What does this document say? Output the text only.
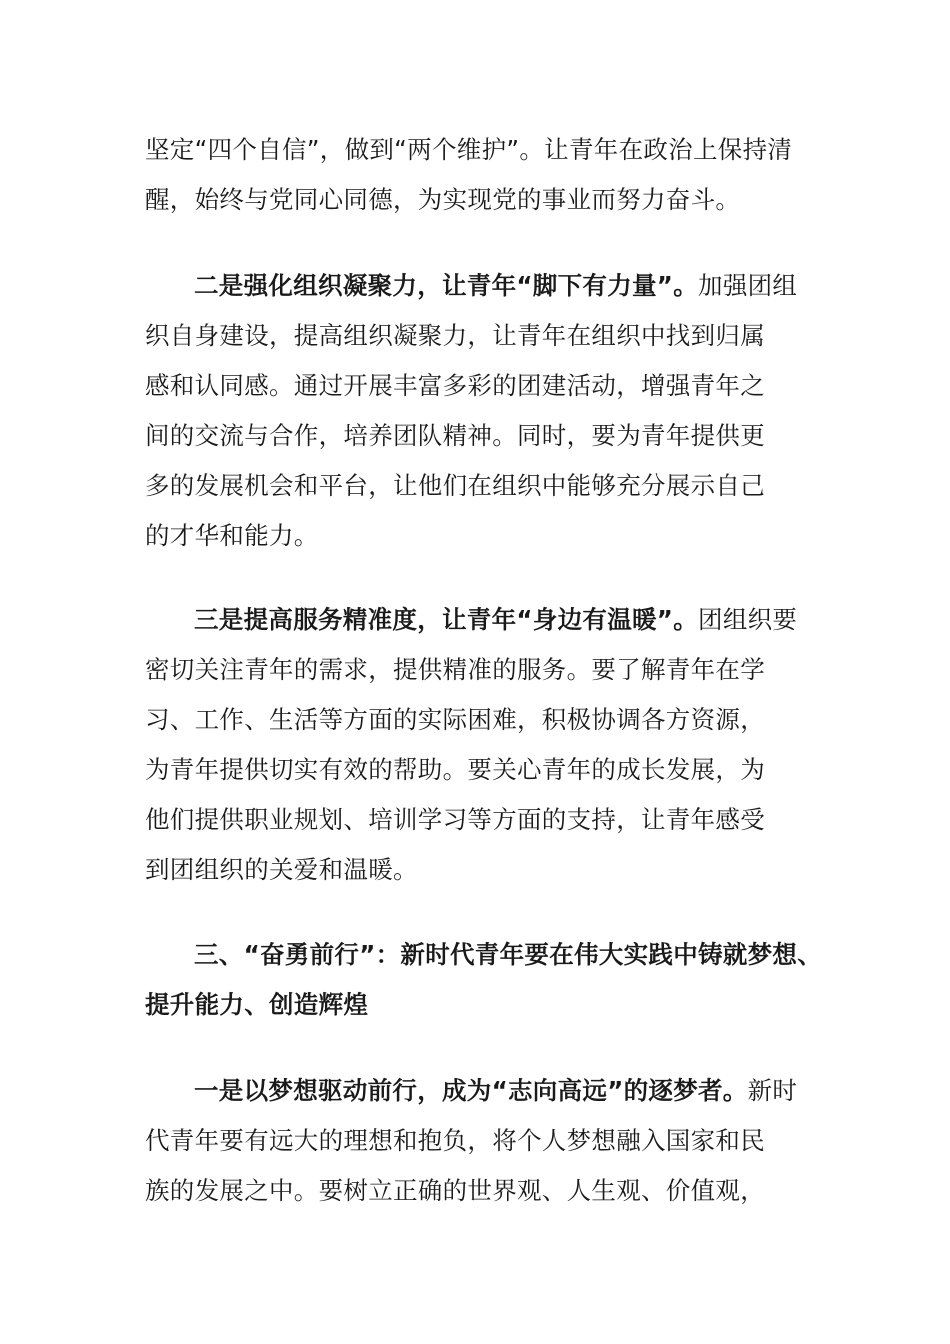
坚定“四个自信”，做到“两个维护”。让青年在政治上保持清
醒，始终与党同心同德，为实现党的事业而努力奋斗。
二是强化组织凝聚力，让青年“脚下有力量”。加强团组
织自身建设，提高组织凝聚力，让青年在组织中找到归属
感和认同感。通过开展丰富多彩的团建活动，增强青年之
间的交流与合作，培养团队精神。同时，要为青年提供更
多的发展机会和平台，让他们在组织中能够充分展示自己
的才华和能力。
三是提高服务精准度，让青年“身边有温暖”。团组织要
密切关注青年的需求，提供精准的服务。要了解青年在学
习、工作、生活等方面的实际困难，积极协调各方资源，
为青年提供切实有效的帮助。要关心青年的成长发展，为
他们提供职业规划、培训学习等方面的支持，让青年感受
到团组织的关爱和温暖。
三、“奋勇前行”：新时代青年要在伟大实践中铸就梦想、
提升能力、创造辉煌
一是以梦想驱动前行，成为“志向高远”的逐梦者。新时
代青年要有远大的理想和抱负，将个人梦想融入国家和民
族的发展之中。要树立正确的世界观、人生观、价值观，
